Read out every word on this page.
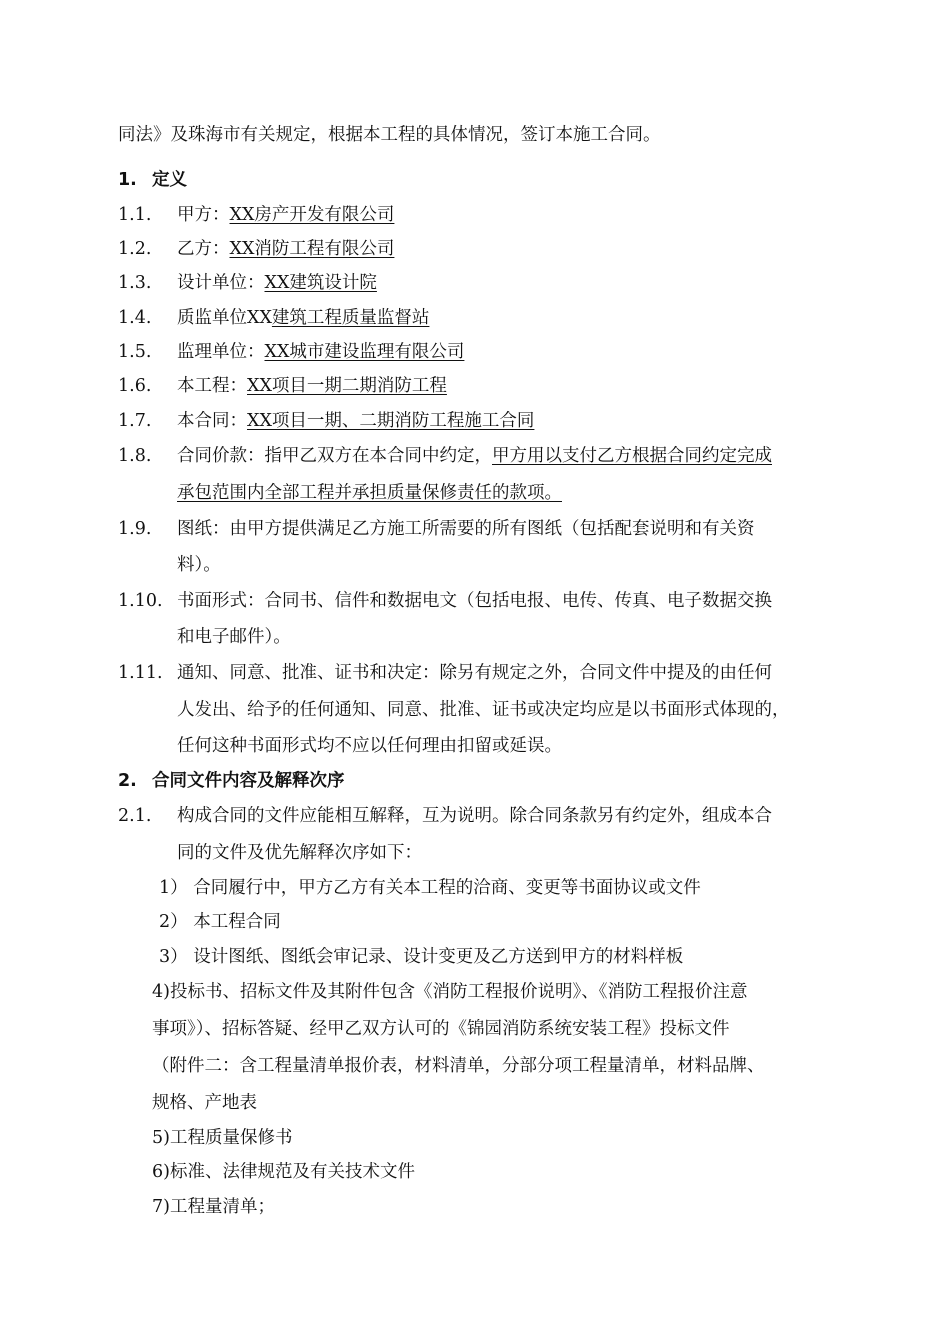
同法》及珠海市有关规定，根据本工程的具体情况，签订本施工合同。
1. 定义
1.1. 甲方：XX房产开发有限公司
1.2. 乙方：XX消防工程有限公司
1.3. 设计单位：XX建筑设计院
1.4. 质监单位XX建筑工程质量监督站
1.5. 监理单位：XX城市建设监理有限公司
1.6. 本工程：XX项目一期二期消防工程
1.7. 本合同：XX项目一期、二期消防工程施工合同
1.8. 合同价款：指甲乙双方在本合同中约定，甲方用以支付乙方根据合同约定完成
承包范围内全部工程并承担质量保修责任的款项。
1.9. 图纸：由甲方提供满足乙方施工所需要的所有图纸（包括配套说明和有关资
料）。
1.10. 书面形式：合同书、信件和数据电文（包括电报、电传、传真、电子数据交换
和电子邮件）。
1.11. 通知、同意、批准、证书和决定：除另有规定之外，合同文件中提及的由任何
人发出、给予的任何通知、同意、批准、证书或决定均应是以书面形式体现的，
任何这种书面形式均不应以任何理由扣留或延误。
2. 合同文件内容及解释次序
2.1. 构成合同的文件应能相互解释，互为说明。除合同条款另有约定外，组成本合
同的文件及优先解释次序如下：
1） 合同履行中，甲方乙方有关本工程的洽商、变更等书面协议或文件
2） 本工程合同
3） 设计图纸、图纸会审记录、设计变更及乙方送到甲方的材料样板
4)投标书、招标文件及其附件包含《消防工程报价说明》、《消防工程报价注意
事项》）、招标答疑、经甲乙双方认可的《锦园消防系统安装工程》投标文件
（附件二：含工程量清单报价表，材料清单，分部分项工程量清单，材料品牌、
规格、产地表
5)工程质量保修书
6)标准、法律规范及有关技术文件
7)工程量清单；
